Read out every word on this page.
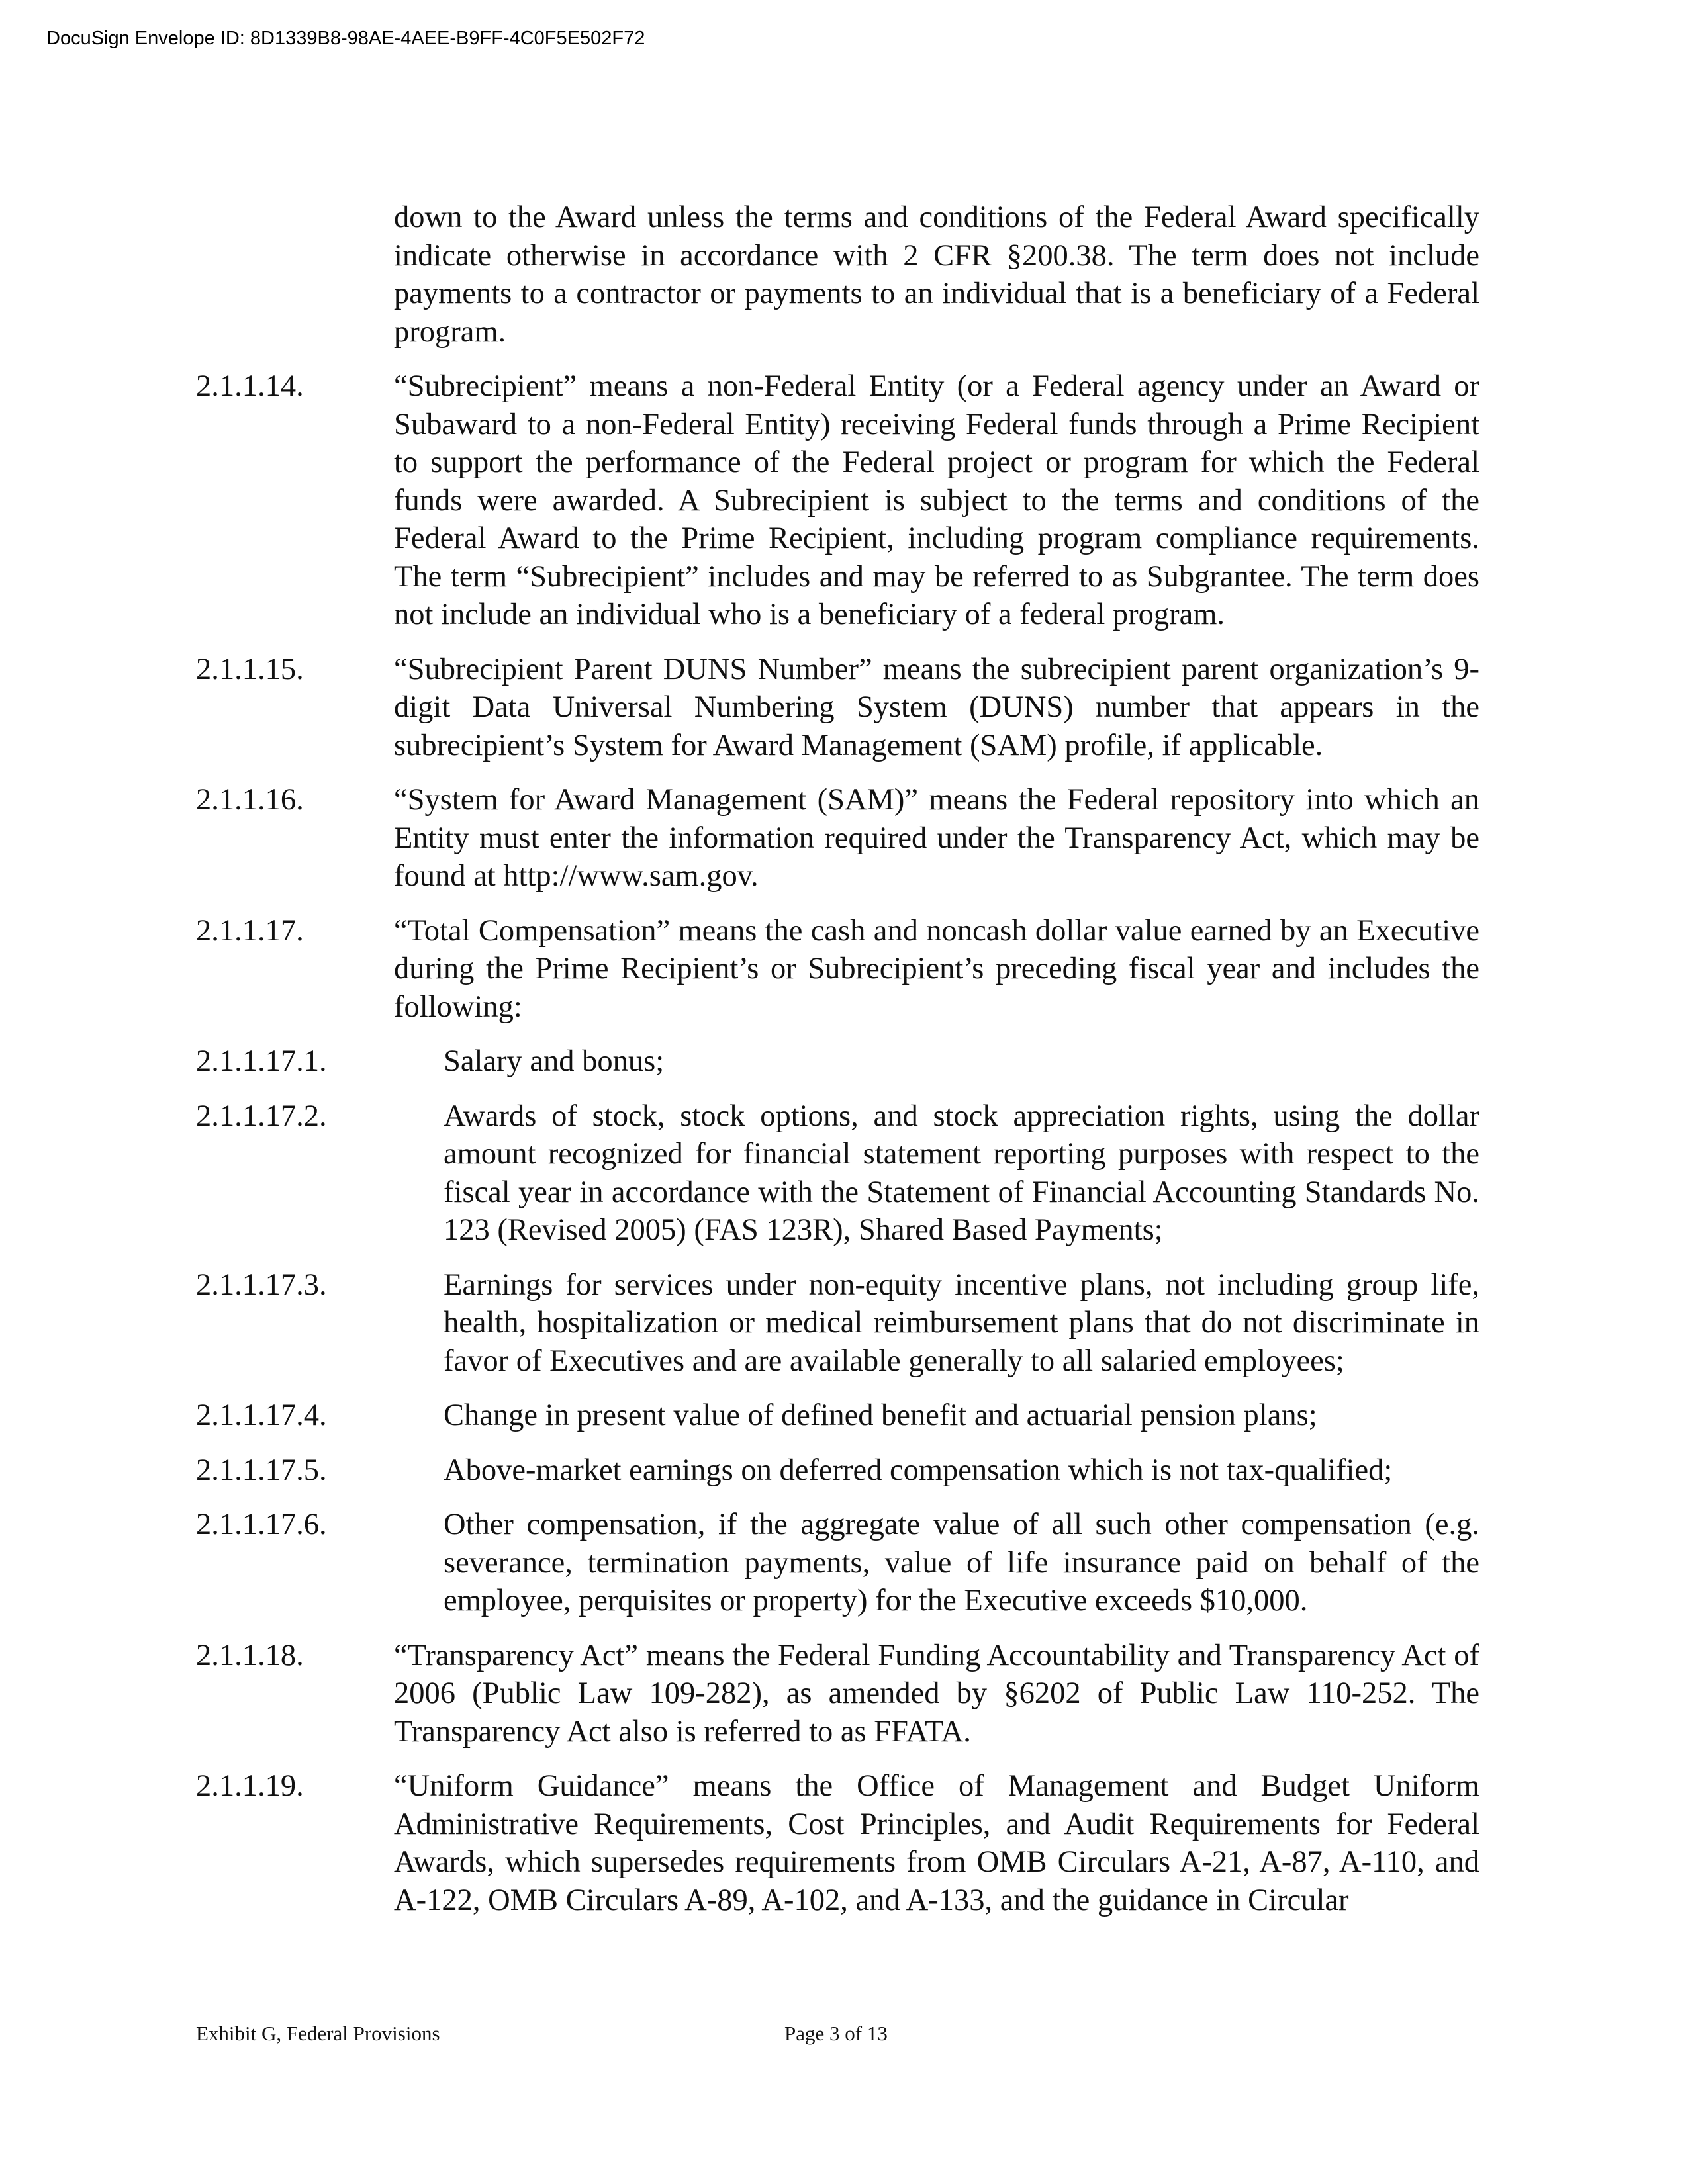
DocuSign Envelope ID: 8D1339B8-98AE-4AEE-B9FF-4C0F5E502F72
down to the Award unless the terms and conditions of the Federal Award specifically indicate otherwise in accordance with 2 CFR §200.38. The term does not include payments to a contractor or payments to an individual that is a beneficiary of a Federal program.
2.1.1.14.	“Subrecipient” means a non-Federal Entity (or a Federal agency under an Award or Subaward to a non-Federal Entity) receiving Federal funds through a Prime Recipient to support the performance of the Federal project or program for which the Federal funds were awarded. A Subrecipient is subject to the terms and conditions of the Federal Award to the Prime Recipient, including program compliance requirements. The term “Subrecipient” includes and may be referred to as Subgrantee. The term does not include an individual who is a beneficiary of a federal program.
2.1.1.15.	“Subrecipient Parent DUNS Number” means the subrecipient parent organization’s 9-digit Data Universal Numbering System (DUNS) number that appears in the subrecipient’s System for Award Management (SAM) profile, if applicable.
2.1.1.16.	“System for Award Management (SAM)” means the Federal repository into which an Entity must enter the information required under the Transparency Act, which may be found at http://www.sam.gov.
2.1.1.17.	“Total Compensation” means the cash and noncash dollar value earned by an Executive during the Prime Recipient’s or Subrecipient’s preceding fiscal year and includes the following:
2.1.1.17.1.	Salary and bonus;
2.1.1.17.2.	Awards of stock, stock options, and stock appreciation rights, using the dollar amount recognized for financial statement reporting purposes with respect to the fiscal year in accordance with the Statement of Financial Accounting Standards No. 123 (Revised 2005) (FAS 123R), Shared Based Payments;
2.1.1.17.3.	Earnings for services under non-equity incentive plans, not including group life, health, hospitalization or medical reimbursement plans that do not discriminate in favor of Executives and are available generally to all salaried employees;
2.1.1.17.4.	Change in present value of defined benefit and actuarial pension plans;
2.1.1.17.5.	Above-market earnings on deferred compensation which is not tax-qualified;
2.1.1.17.6.	Other compensation, if the aggregate value of all such other compensation (e.g. severance, termination payments, value of life insurance paid on behalf of the employee, perquisites or property) for the Executive exceeds $10,000.
2.1.1.18.	“Transparency Act” means the Federal Funding Accountability and Transparency Act of 2006 (Public Law 109-282), as amended by §6202 of Public Law 110-252. The Transparency Act also is referred to as FFATA.
2.1.1.19.	“Uniform Guidance” means the Office of Management and Budget Uniform Administrative Requirements, Cost Principles, and Audit Requirements for Federal Awards, which supersedes requirements from OMB Circulars A-21, A-87, A-110, and A-122, OMB Circulars A-89, A-102, and A-133, and the guidance in Circular
Exhibit G, Federal Provisions	Page 3 of 13
